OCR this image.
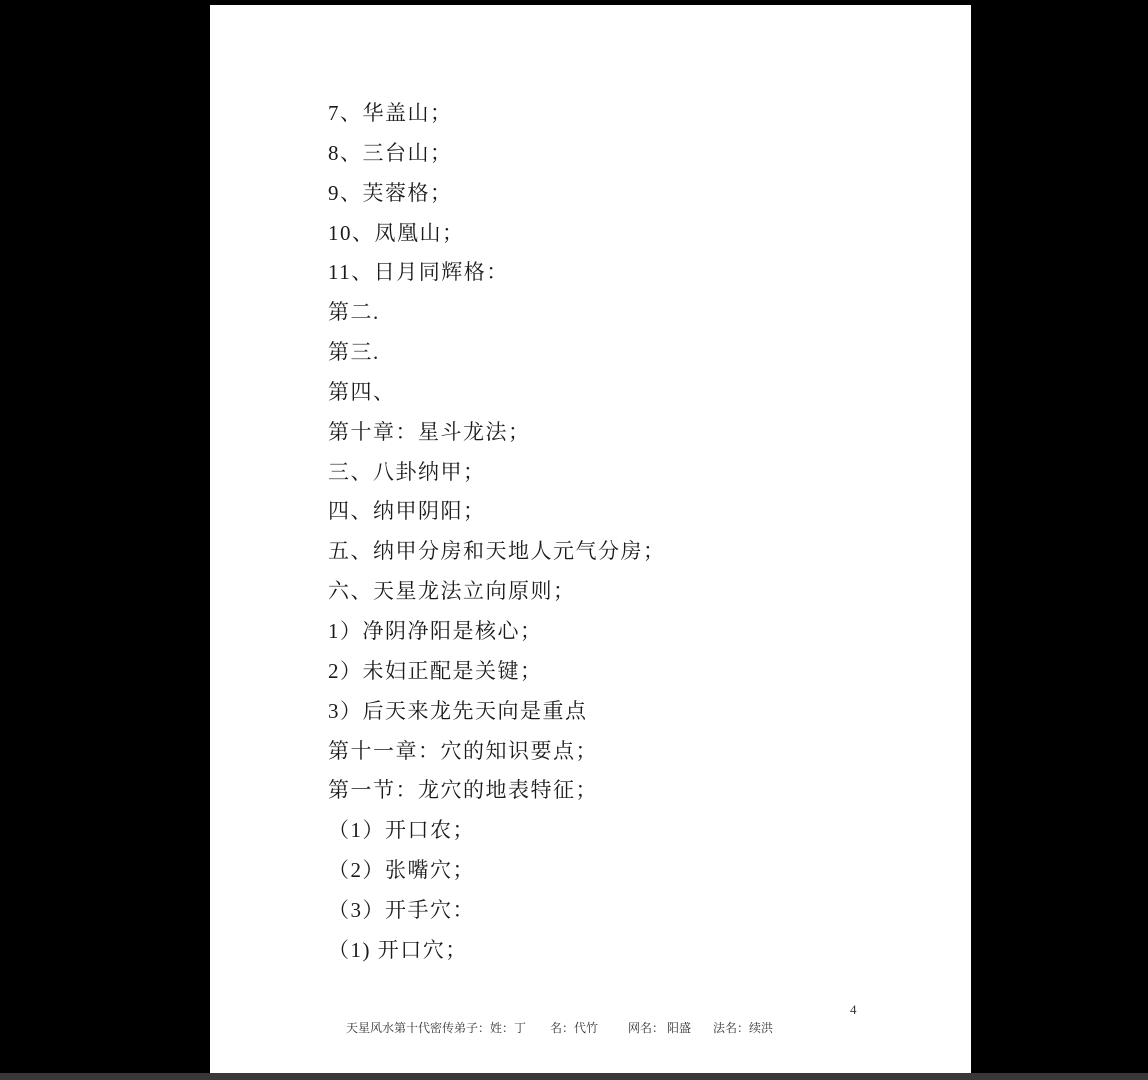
7、华盖山；
8、三台山；
9、芙蓉格；
10、凤凰山；
11、日月同辉格：
第二.
第三.
第四、
第十章：星斗龙法；
三、八卦纳甲；
四、纳甲阴阳；
五、纳甲分房和天地人元气分房；
六、天星龙法立向原则；
1）净阴净阳是核心；
2）未妇正配是关键；
3）后天来龙先天向是重点
第十一章：穴的知识要点；
第一节：龙穴的地表特征；
（1）开口农；
（2）张嘴穴；
（3）开手穴：
（1) 开口穴；

天星风水第十代密传弟子：姓：丁 名：代竹	网名： 阳盛 法名：续洪

4
